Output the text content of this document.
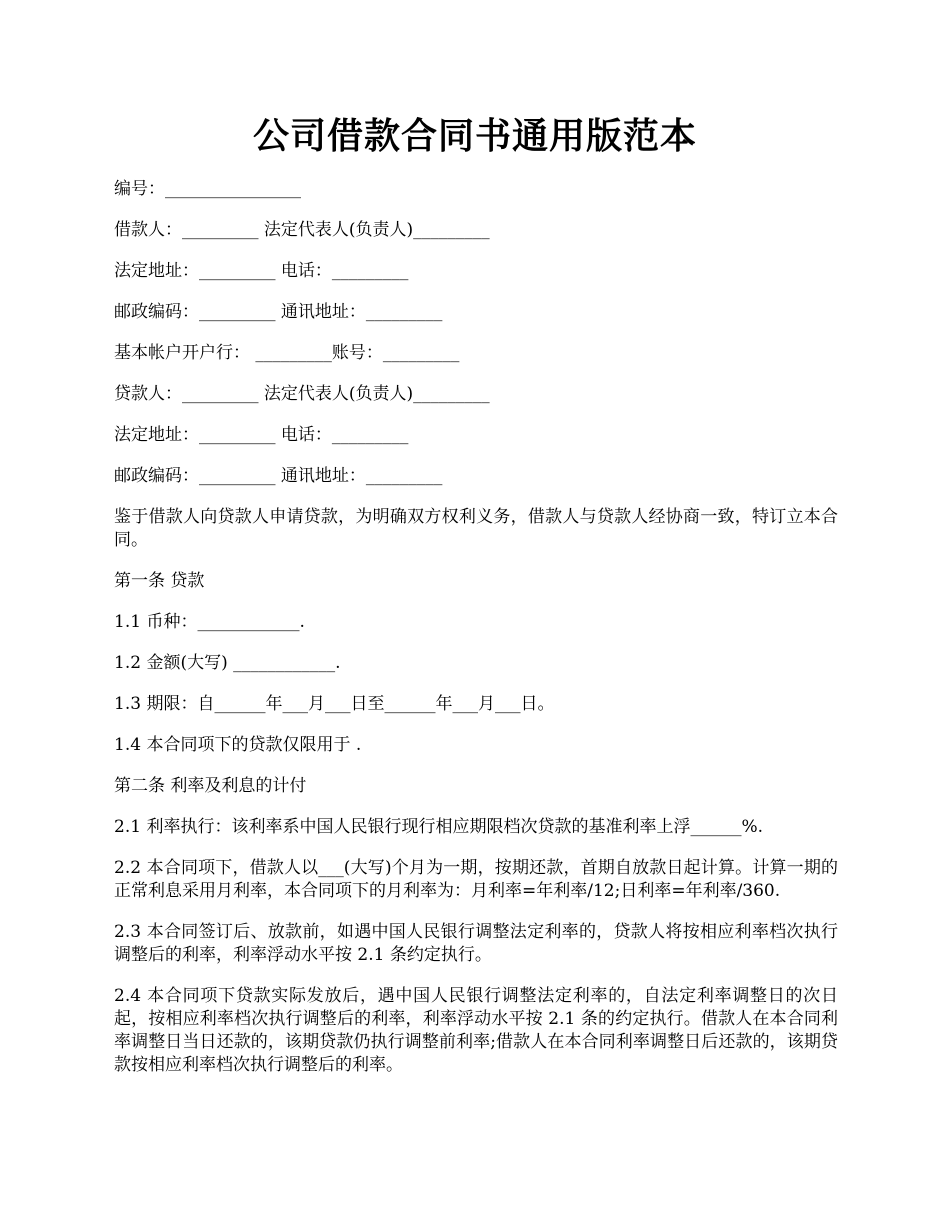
公司借款合同书通用版范本

编号：________________

借款人：_________ 法定代表人(负责人)_________

法定地址：_________ 电话：_________

邮政编码：_________ 通讯地址：_________

基本帐户开户行： _________账号：_________

贷款人：_________ 法定代表人(负责人)_________

法定地址：_________ 电话：_________

邮政编码：_________ 通讯地址：_________

鉴于借款人向贷款人申请贷款，为明确双方权利义务，借款人与贷款人经协商一致，特订立本合同。

第一条 贷款

1.1 币种：____________.

1.2 金额(大写) ____________.

1.3 期限：自______年___月___日至______年___月___日。

1.4 本合同项下的贷款仅限用于 .

第二条 利率及利息的计付

2.1 利率执行：该利率系中国人民银行现行相应期限档次贷款的基准利率上浮______%.

2.2 本合同项下，借款人以___(大写)个月为一期，按期还款，首期自放款日起计算。计算一期的正常利息采用月利率，本合同项下的月利率为：月利率=年利率/12;日利率=年利率/360.

2.3 本合同签订后、放款前，如遇中国人民银行调整法定利率的，贷款人将按相应利率档次执行调整后的利率，利率浮动水平按 2.1 条约定执行。

2.4 本合同项下贷款实际发放后，遇中国人民银行调整法定利率的，自法定利率调整日的次日起，按相应利率档次执行调整后的利率，利率浮动水平按 2.1 条的约定执行。借款人在本合同利率调整日当日还款的，该期贷款仍执行调整前利率;借款人在本合同利率调整日后还款的，该期贷款按相应利率档次执行调整后的利率。
